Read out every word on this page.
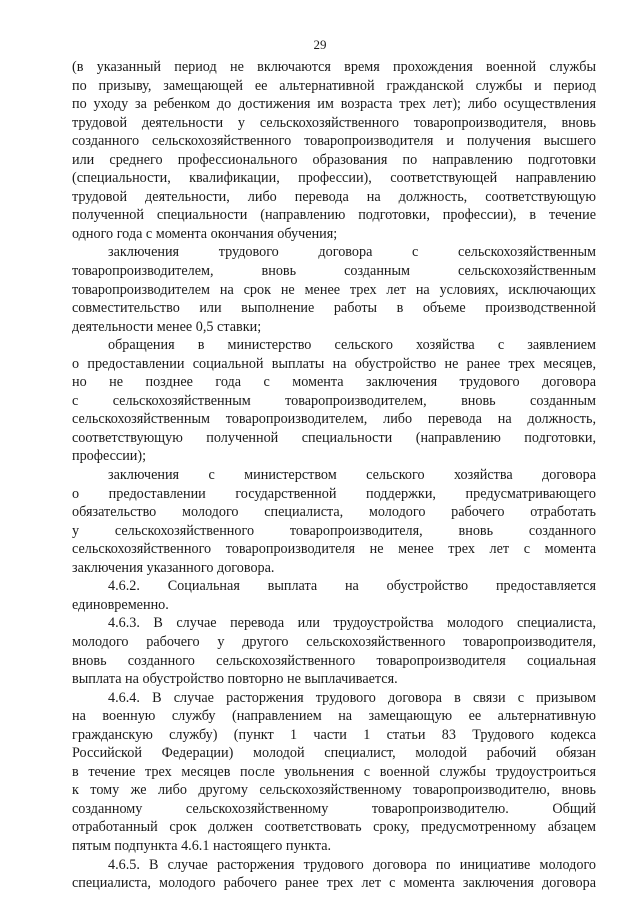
29
(в указанный период не включаются время прохождения военной службы
по призыву, замещающей ее альтернативной гражданской службы и период
по уходу за ребенком до достижения им возраста трех лет); либо осуществления
трудовой деятельности у сельскохозяйственного товаропроизводителя, вновь
созданного сельскохозяйственного товаропроизводителя и получения высшего
или среднего профессионального образования по направлению подготовки
(специальности, квалификации, профессии), соответствующей направлению
трудовой деятельности, либо перевода на должность, соответствующую
полученной специальности (направлению подготовки, профессии), в течение
одного года с момента окончания обучения;
заключения трудового договора с сельскохозяйственным
товаропроизводителем, вновь созданным сельскохозяйственным
товаропроизводителем на срок не менее трех лет на условиях, исключающих
совместительство или выполнение работы в объеме производственной
деятельности менее 0,5 ставки;
обращения в министерство сельского хозяйства с заявлением
о предоставлении социальной выплаты на обустройство не ранее трех месяцев,
но не позднее года с момента заключения трудового договора
с сельскохозяйственным товаропроизводителем, вновь созданным
сельскохозяйственным товаропроизводителем, либо перевода на должность,
соответствующую полученной специальности (направлению подготовки,
профессии);
заключения с министерством сельского хозяйства договора
о предоставлении государственной поддержки, предусматривающего
обязательство молодого специалиста, молодого рабочего отработать
у сельскохозяйственного товаропроизводителя, вновь созданного
сельскохозяйственного товаропроизводителя не менее трех лет с момента
заключения указанного договора.
4.6.2. Социальная выплата на обустройство предоставляется
единовременно.
4.6.3. В случае перевода или трудоустройства молодого специалиста,
молодого рабочего у другого сельскохозяйственного товаропроизводителя,
вновь созданного сельскохозяйственного товаропроизводителя социальная
выплата на обустройство повторно не выплачивается.
4.6.4. В случае расторжения трудового договора в связи с призывом
на военную службу (направлением на замещающую ее альтернативную
гражданскую службу) (пункт 1 части 1 статьи 83 Трудового кодекса
Российской Федерации) молодой специалист, молодой рабочий обязан
в течение трех месяцев после увольнения с военной службы трудоустроиться
к тому же либо другому сельскохозяйственному товаропроизводителю, вновь
созданному сельскохозяйственному товаропроизводителю. Общий
отработанный срок должен соответствовать сроку, предусмотренному абзацем
пятым подпункта 4.6.1 настоящего пункта.
4.6.5. В случае расторжения трудового договора по инициативе молодого
специалиста, молодого рабочего ранее трех лет с момента заключения договора
